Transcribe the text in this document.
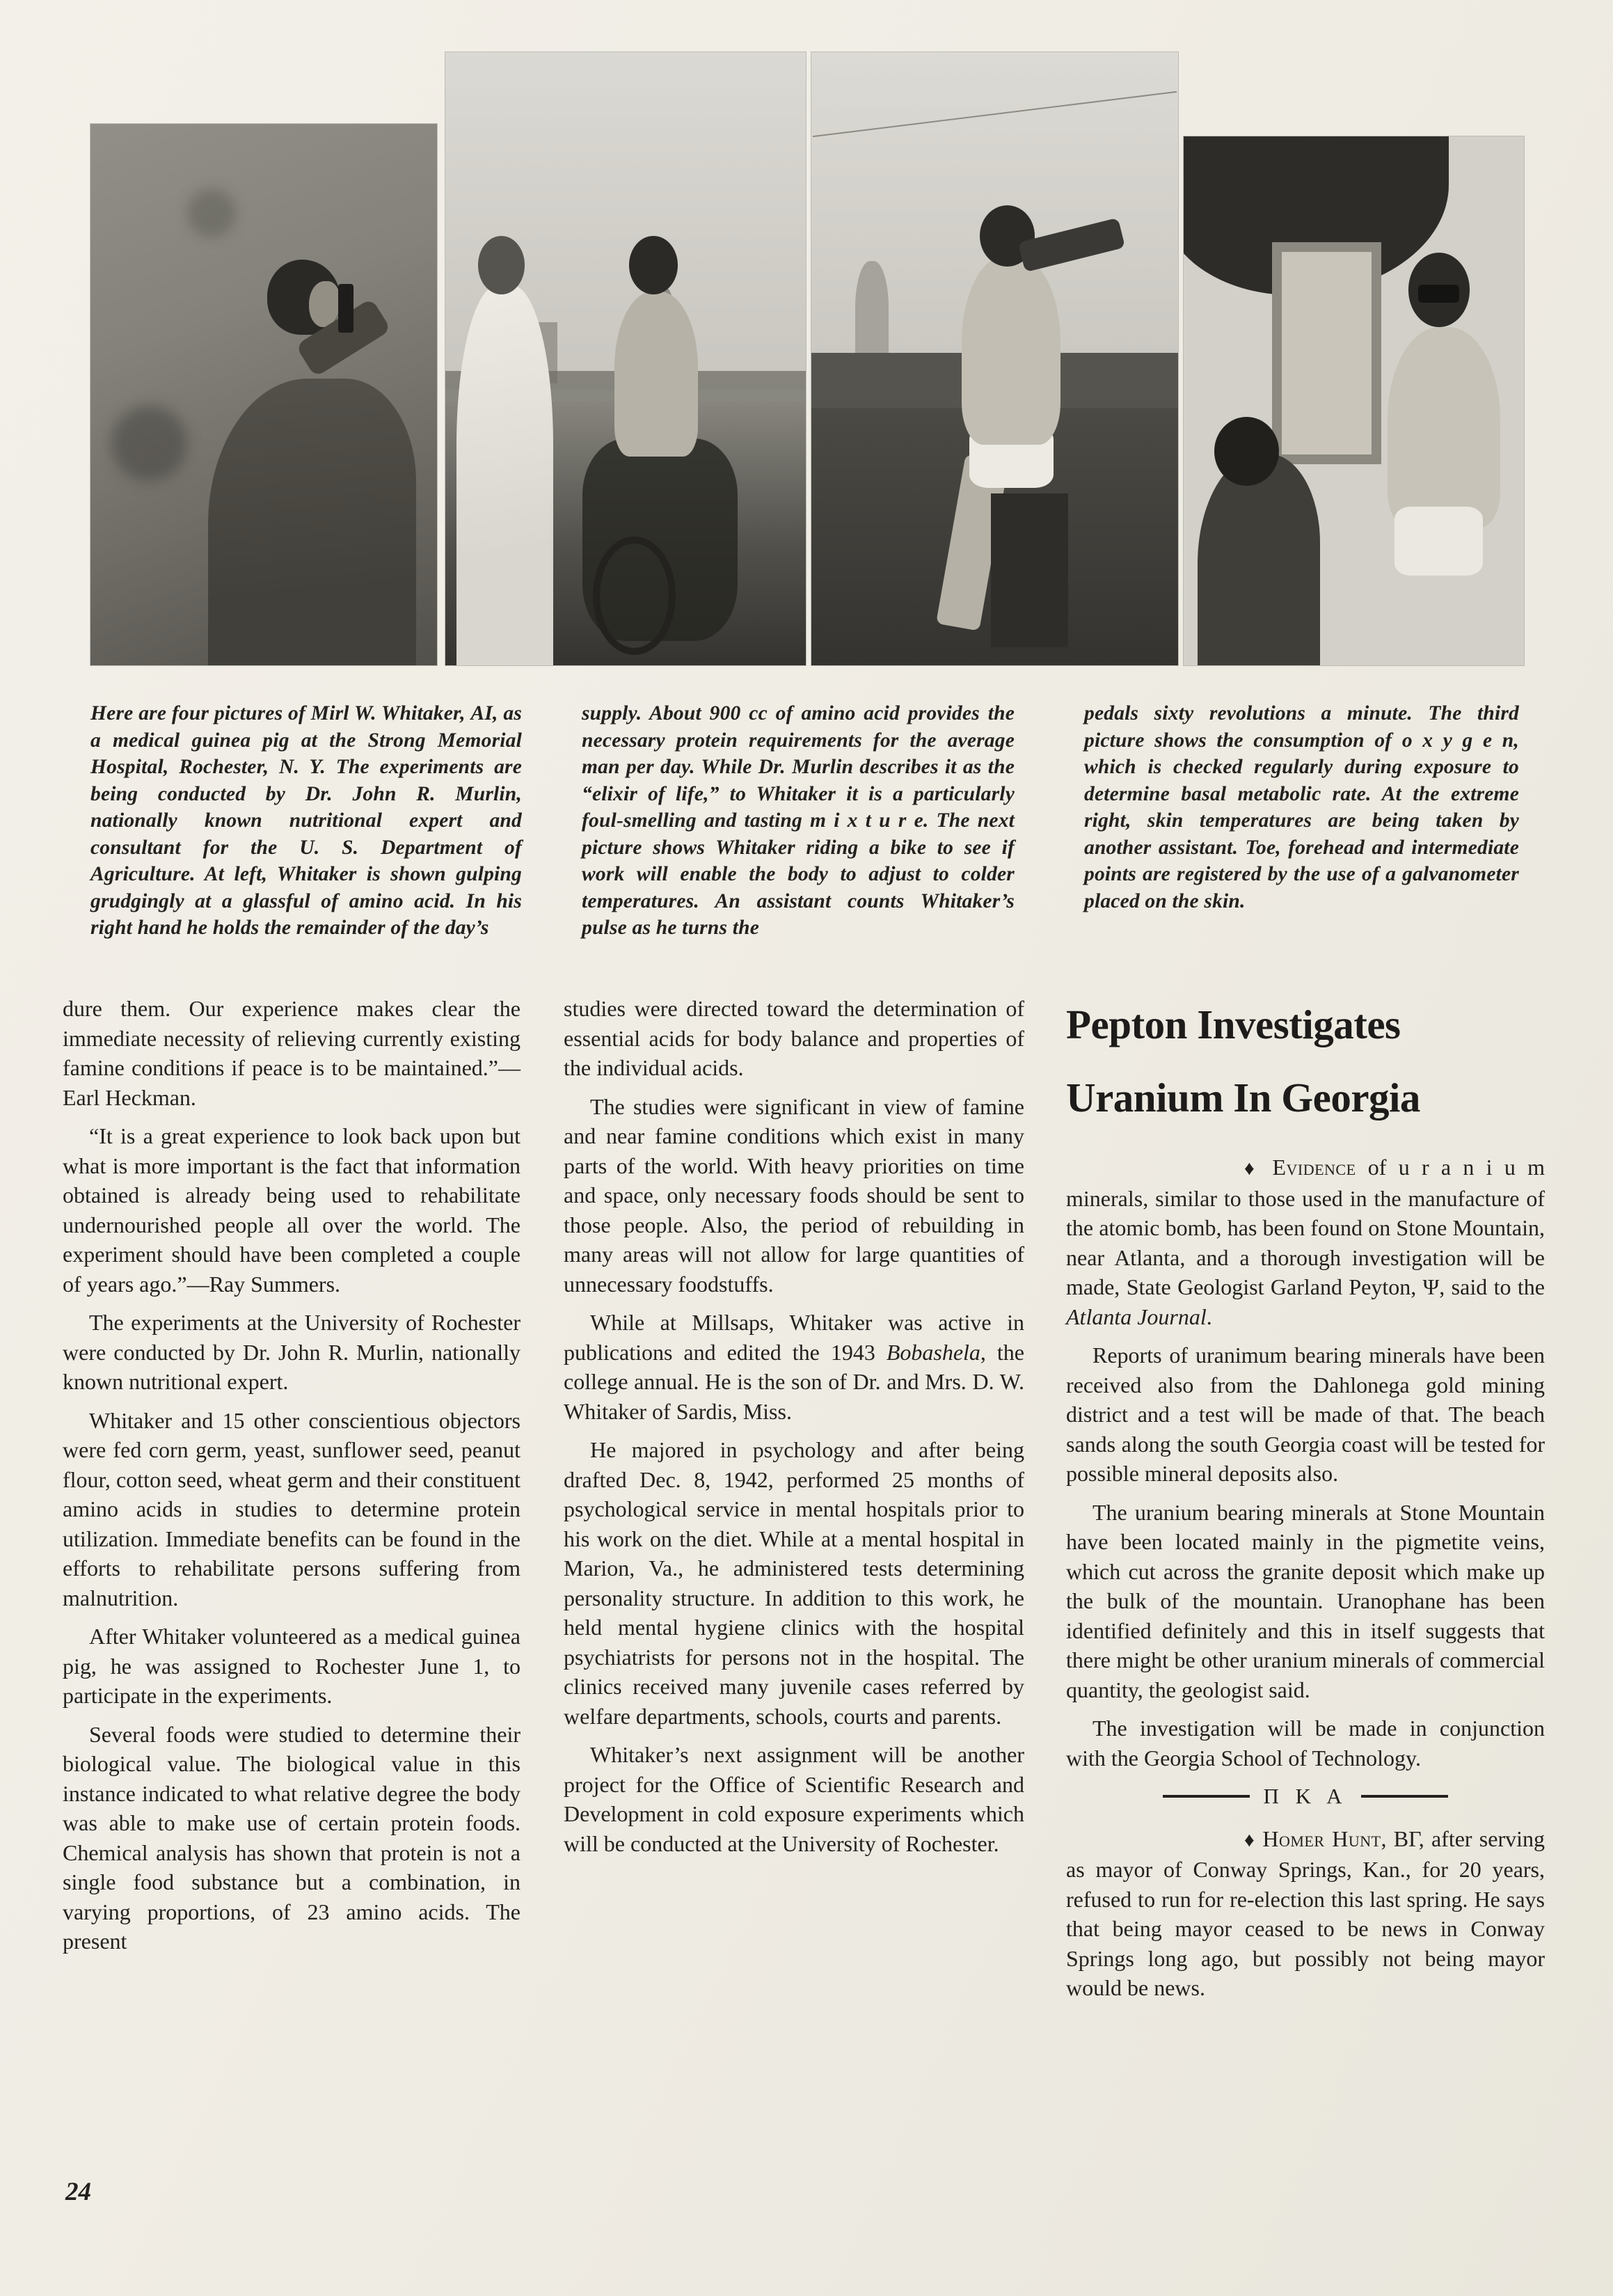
Here are four pictures of Mirl W. Whitaker, ΑΙ, as a medical guinea pig at the Strong Memorial Hospital, Rochester, N. Y. The experiments are being conducted by Dr. John R. Murlin, nationally known nutritional expert and consultant for the U. S. Department of Agriculture. At left, Whitaker is shown gulping grudgingly at a glassful of amino acid. In his right hand he holds the remainder of the day’s
supply. About 900 cc of amino acid provides the necessary protein requirements for the average man per day. While Dr. Murlin describes it as the “elixir of life,” to Whitaker it is a particularly foul-smelling and tasting m i x t u r e. The next picture shows Whitaker riding a bike to see if work will enable the body to adjust to colder temperatures. An assistant counts Whitaker’s pulse as he turns the
pedals sixty revolutions a minute. The third picture shows the consumption of o x y g e n, which is checked regularly during exposure to determine basal metabolic rate. At the extreme right, skin temperatures are being taken by another assistant. Toe, forehead and intermediate points are registered by the use of a galvanometer placed on the skin.

dure them. Our experience makes clear the immediate necessity of relieving currently existing famine conditions if peace is to be maintained.”—Earl Heckman.

“It is a great experience to look back upon but what is more important is the fact that information obtained is already being used to rehabilitate undernourished people all over the world. The experiment should have been completed a couple of years ago.”—Ray Summers.

The experiments at the University of Rochester were conducted by Dr. John R. Murlin, nationally known nutritional expert.

Whitaker and 15 other conscientious objectors were fed corn germ, yeast, sunflower seed, peanut flour, cotton seed, wheat germ and their constituent amino acids in studies to determine protein utilization. Immediate benefits can be found in the efforts to rehabilitate persons suffering from malnutrition.

After Whitaker volunteered as a medical guinea pig, he was assigned to Rochester June 1, to participate in the experiments.

Several foods were studied to determine their biological value. The biological value in this instance indicated to what relative degree the body was able to make use of certain protein foods. Chemical analysis has shown that protein is not a single food substance but a combination, in varying proportions, of 23 amino acids. The present

studies were directed toward the determination of essential acids for body balance and properties of the individual acids.

The studies were significant in view of famine and near famine conditions which exist in many parts of the world. With heavy priorities on time and space, only necessary foods should be sent to those people. Also, the period of rebuilding in many areas will not allow for large quantities of unnecessary foodstuffs.

While at Millsaps, Whitaker was active in publications and edited the 1943 Bobashela, the college annual. He is the son of Dr. and Mrs. D. W. Whitaker of Sardis, Miss.

He majored in psychology and after being drafted Dec. 8, 1942, performed 25 months of psychological service in mental hospitals prior to his work on the diet. While at a mental hospital in Marion, Va., he administered tests determining personality structure. In addition to this work, he held mental hygiene clinics with the hospital psychiatrists for persons not in the hospital. The clinics received many juvenile cases referred by welfare departments, schools, courts and parents.

Whitaker’s next assignment will be another project for the Office of Scientific Research and Development in cold exposure experiments which will be conducted at the University of Rochester.

Pepton Investigates
Uranium In Georgia

♦ Evidence of u r a n i u m minerals, similar to those used in the manufacture of the atomic bomb, has been found on Stone Mountain, near Atlanta, and a thorough investigation will be made, State Geologist Garland Peyton, Ψ, said to the Atlanta Journal.

Reports of uranimum bearing minerals have been received also from the Dahlonega gold mining district and a test will be made of that. The beach sands along the south Georgia coast will be tested for possible mineral deposits also.

The uranium bearing minerals at Stone Mountain have been located mainly in the pigmetite veins, which cut across the granite deposit which make up the bulk of the mountain. Uranophane has been identified definitely and this in itself suggests that there might be other uranium minerals of commercial quantity, the geologist said.

The investigation will be made in conjunction with the Georgia School of Technology.

Π Κ Α

♦ Homer Hunt, ΒΓ, after serving as mayor of Conway Springs, Kan., for 20 years, refused to run for re-election this last spring. He says that being mayor ceased to be news in Conway Springs long ago, but possibly not being mayor would be news.

24
